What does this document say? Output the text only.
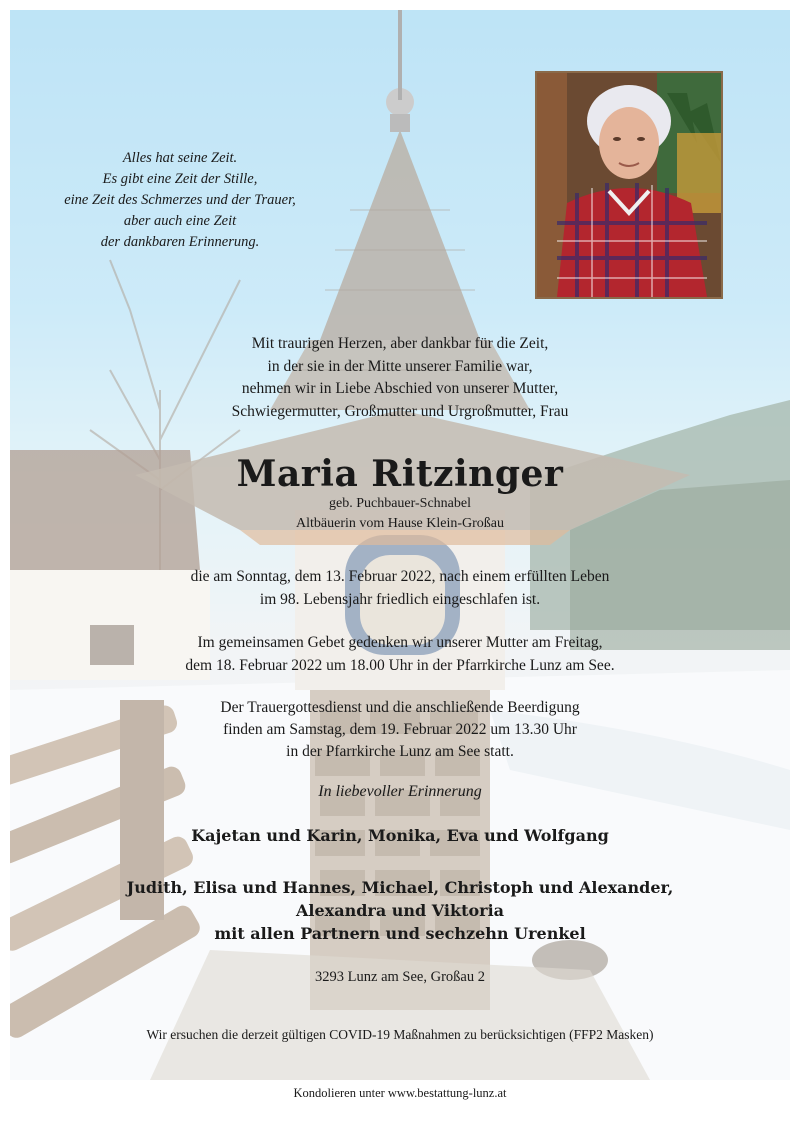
Alles hat seine Zeit.
Es gibt eine Zeit der Stille,
eine Zeit des Schmerzes und der Trauer,
aber auch eine Zeit
der dankbaren Erinnerung.
Mit traurigen Herzen, aber dankbar für die Zeit,
in der sie in der Mitte unserer Familie war,
nehmen wir in Liebe Abschied von unserer Mutter,
Schwiegermutter, Großmutter und Urgroßmutter, Frau
Maria Ritzinger
geb. Puchbauer-Schnabel
Altbäuerin vom Hause Klein-Großau
die am Sonntag, dem 13. Februar 2022, nach einem erfüllten Leben
im 98. Lebensjahr friedlich eingeschlafen ist.
Im gemeinsamen Gebet gedenken wir unserer Mutter am Freitag,
dem 18. Februar 2022 um 18.00 Uhr in der Pfarrkirche Lunz am See.
Der Trauergottesdienst und die anschließende Beerdigung
finden am Samstag, dem 19. Februar 2022 um 13.30 Uhr
in der Pfarrkirche Lunz am See statt.
In liebevoller Erinnerung
Kajetan und Karin, Monika, Eva und Wolfgang
Judith, Elisa und Hannes, Michael, Christoph und Alexander,
Alexandra und Viktoria
mit allen Partnern und sechzehn Urenkel
3293 Lunz am See, Großau 2
Wir ersuchen die derzeit gültigen COVID-19 Maßnahmen zu berücksichtigen (FFP2 Masken)
Kondolieren unter www.bestattung-lunz.at
